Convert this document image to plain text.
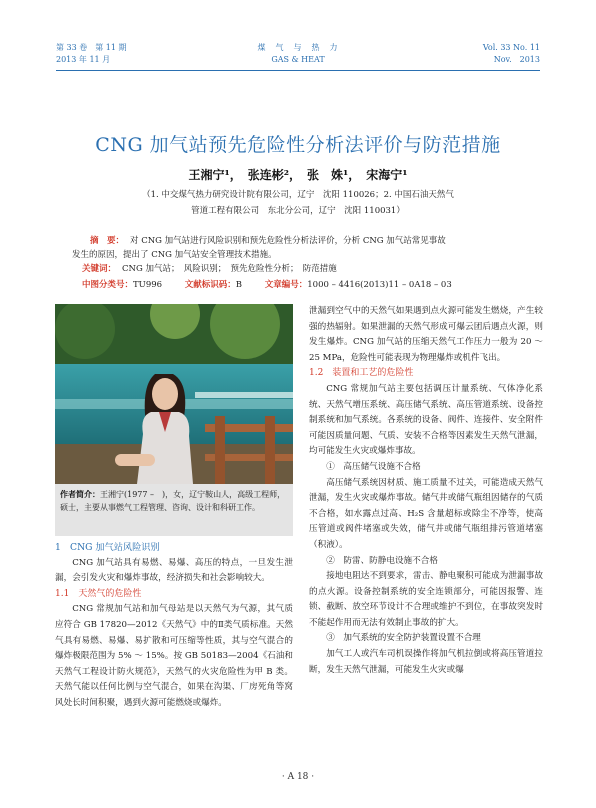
第 33 卷　第 11 期
2013 年 11 月
煤　气　与　热　力
GAS & HEAT
Vol. 33 No. 11
Nov.　2013
CNG 加气站预先危险性分析法评价与防范措施
王湘宁¹，　张连彬²，　张　姝¹，　宋海宁¹
（1. 中交煤气热力研究设计院有限公司，辽宁　沈阳 110026；2. 中国石油天然气
管道工程有限公司　东北分公司，辽宁　沈阳 110031）
摘　要： 对 CNG 加气站进行风险识别和预先危险性分析法评价，分析 CNG 加气站常见事故
发生的原因，提出了 CNG 加气站安全管理技术措施。
关键词： CNG 加气站；　风险识别；　预先危险性分析；　防范措施
中图分类号：TU996	文献标识码：B	文章编号：1000 – 4416(2013)11 – 0A18 – 03
作者简介：王湘宁(1977 –　)，女，辽宁鞍山人，高级工程师，硕士，主要从事燃气工程管理、咨询、设计和科研工作。

1　CNG 加气站风险识别

CNG 加气站具有易燃、易爆、高压的特点，一旦发生泄漏，会引发火灾和爆炸事故，经济损失和社会影响较大。

1.1　天然气的危险性

CNG 常规加气站和加气母站是以天然气为气源，其气质应符合 GB 17820—2012《天然气》中的Ⅱ类气质标准。天然气具有易燃、易爆、易扩散和可压缩等性质，其与空气混合的爆炸极限范围为 5% ～ 15%。按 GB 50183—2004《石油和天然气工程设计防火规范》，天然气的火灾危险性为甲 B 类。天然气能以任何比例与空气混合，如果在沟渠、厂房死角等窝风处长时间积聚，遇到火源可能燃烧或爆炸。

泄漏到空气中的天然气如果遇到点火源可能发生燃烧，产生较强的热辐射。如果泄漏的天然气形成可爆云团后遇点火源，则发生爆炸。CNG 加气站的压缩天然气工作压力一般为 20 ～ 25 MPa，危险性可能表现为物理爆炸或机件飞出。

1.2　装置和工艺的危险性

CNG 常规加气站主要包括调压计量系统、气体净化系统、天然气增压系统、高压储气系统、高压管道系统、设备控制系统和加气系统。各系统的设备、阀件、连接件、安全附件可能因质量问题、气质、安装不合格等因素发生天然气泄漏，均可能发生火灾或爆炸事故。

①　高压储气设施不合格

高压储气系统因材质、施工质量不过关，可能造成天然气泄漏，发生火灾或爆炸事故。储气井或储气瓶组因储存的气质不合格，如水露点过高、H₂S 含量超标或除尘不净等，使高压管道或阀件堵塞或失效，储气井或储气瓶组排污管道堵塞（积液）。

②　防雷、防静电设施不合格

接地电阻达不到要求，雷击、静电聚积可能成为泄漏事故的点火源。设备控制系统的安全连锁部分，可能因报警、连锁、截断、放空环节设计不合理或维护不到位，在事故突发时不能起作用而无法有效制止事故的扩大。

③　加气系统的安全防护装置设置不合理

加气工人或汽车司机误操作将加气机拉倒或将高压管道拉断，发生天然气泄漏，可能发生火灾或爆

· A 18 ·
